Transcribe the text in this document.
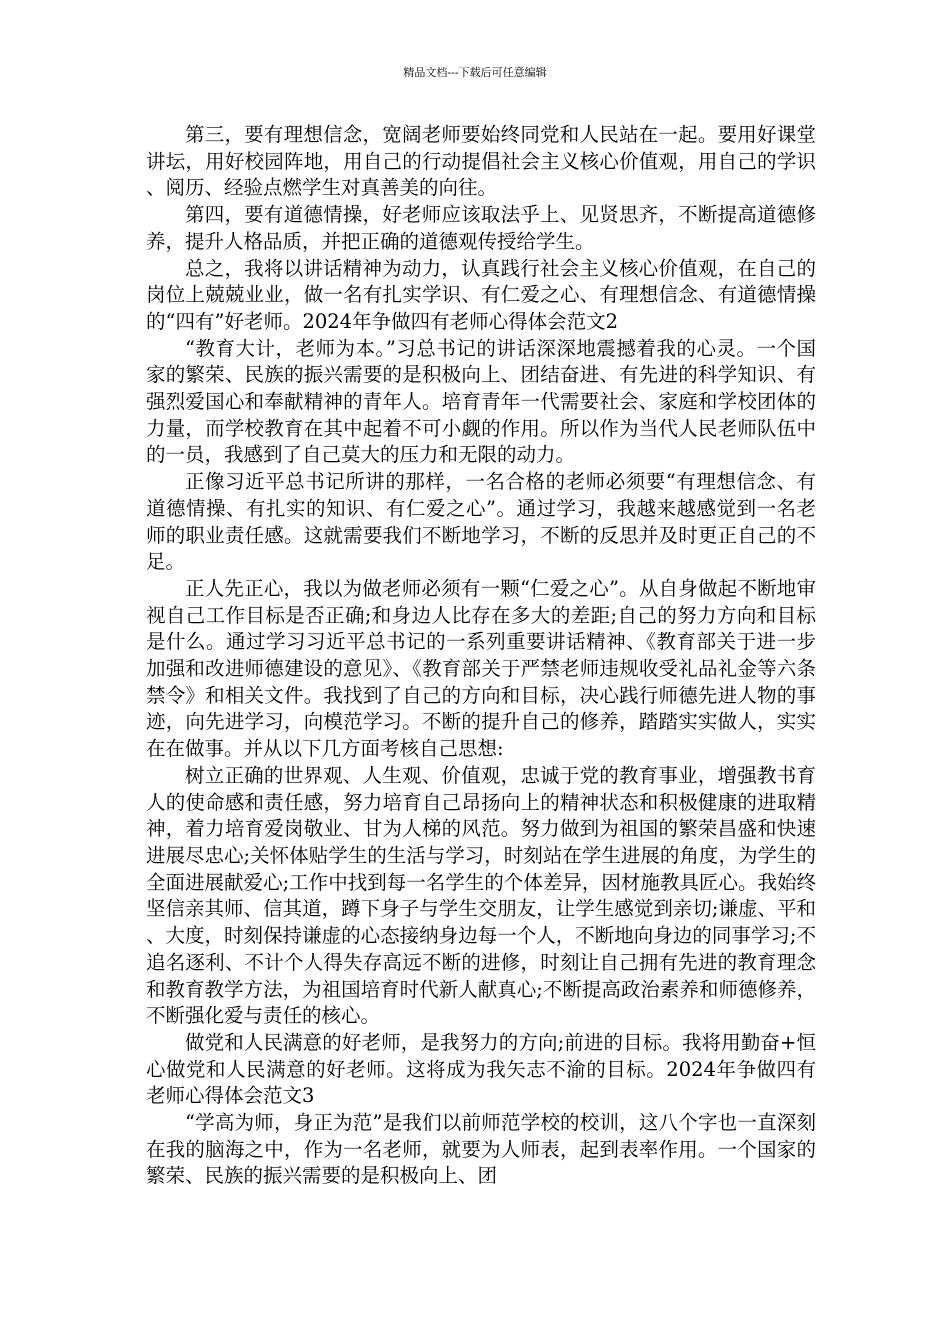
精品文档---下载后可任意编辑

第三，要有理想信念，宽阔老师要始终同党和人民站在一起。要用好课堂讲坛，用好校园阵地，用自己的行动提倡社会主义核心价值观，用自己的学识、阅历、经验点燃学生对真善美的向往。

第四，要有道德情操，好老师应该取法乎上、见贤思齐，不断提高道德修养，提升人格品质，并把正确的道德观传授给学生。

总之，我将以讲话精神为动力，认真践行社会主义核心价值观，在自己的岗位上兢兢业业，做一名有扎实学识、有仁爱之心、有理想信念、有道德情操的“四有”好老师。2024年争做四有老师心得体会范文2

“教育大计，老师为本。”习总书记的讲话深深地震撼着我的心灵。一个国家的繁荣、民族的振兴需要的是积极向上、团结奋进、有先进的科学知识、有强烈爱国心和奉献精神的青年人。培育青年一代需要社会、家庭和学校团体的力量，而学校教育在其中起着不可小觑的作用。所以作为当代人民老师队伍中的一员，我感到了自己莫大的压力和无限的动力。

正像习近平总书记所讲的那样，一名合格的老师必须要“有理想信念、有道德情操、有扎实的知识、有仁爱之心”。通过学习，我越来越感觉到一名老师的职业责任感。这就需要我们不断地学习，不断的反思并及时更正自己的不足。

正人先正心，我以为做老师必须有一颗“仁爱之心”。从自身做起不断地审视自己工作目标是否正确;和身边人比存在多大的差距;自己的努力方向和目标是什么。通过学习习近平总书记的一系列重要讲话精神、《教育部关于进一步加强和改进师德建设的意见》、《教育部关于严禁老师违规收受礼品礼金等六条禁令》和相关文件。我找到了自己的方向和目标，决心践行师德先进人物的事迹，向先进学习，向模范学习。不断的提升自己的修养，踏踏实实做人，实实在在做事。并从以下几方面考核自己思想:

树立正确的世界观、人生观、价值观，忠诚于党的教育事业，增强教书育人的使命感和责任感，努力培育自己昂扬向上的精神状态和积极健康的进取精神，着力培育爱岗敬业、甘为人梯的风范。努力做到为祖国的繁荣昌盛和快速进展尽忠心;关怀体贴学生的生活与学习，时刻站在学生进展的角度，为学生的全面进展献爱心;工作中找到每一名学生的个体差异，因材施教具匠心。我始终坚信亲其师、信其道，蹲下身子与学生交朋友，让学生感觉到亲切;谦虚、平和、大度，时刻保持谦虚的心态接纳身边每一个人，不断地向身边的同事学习;不追名逐利、不计个人得失存高远不断的进修，时刻让自己拥有先进的教育理念和教育教学方法，为祖国培育时代新人献真心;不断提高政治素养和师德修养，不断强化爱与责任的核心。

做党和人民满意的好老师，是我努力的方向;前进的目标。我将用勤奋+恒心做党和人民满意的好老师。这将成为我矢志不渝的目标。2024年争做四有老师心得体会范文3

“学高为师，身正为范”是我们以前师范学校的校训，这八个字也一直深刻在我的脑海之中，作为一名老师，就要为人师表，起到表率作用。一个国家的繁荣、民族的振兴需要的是积极向上、团
